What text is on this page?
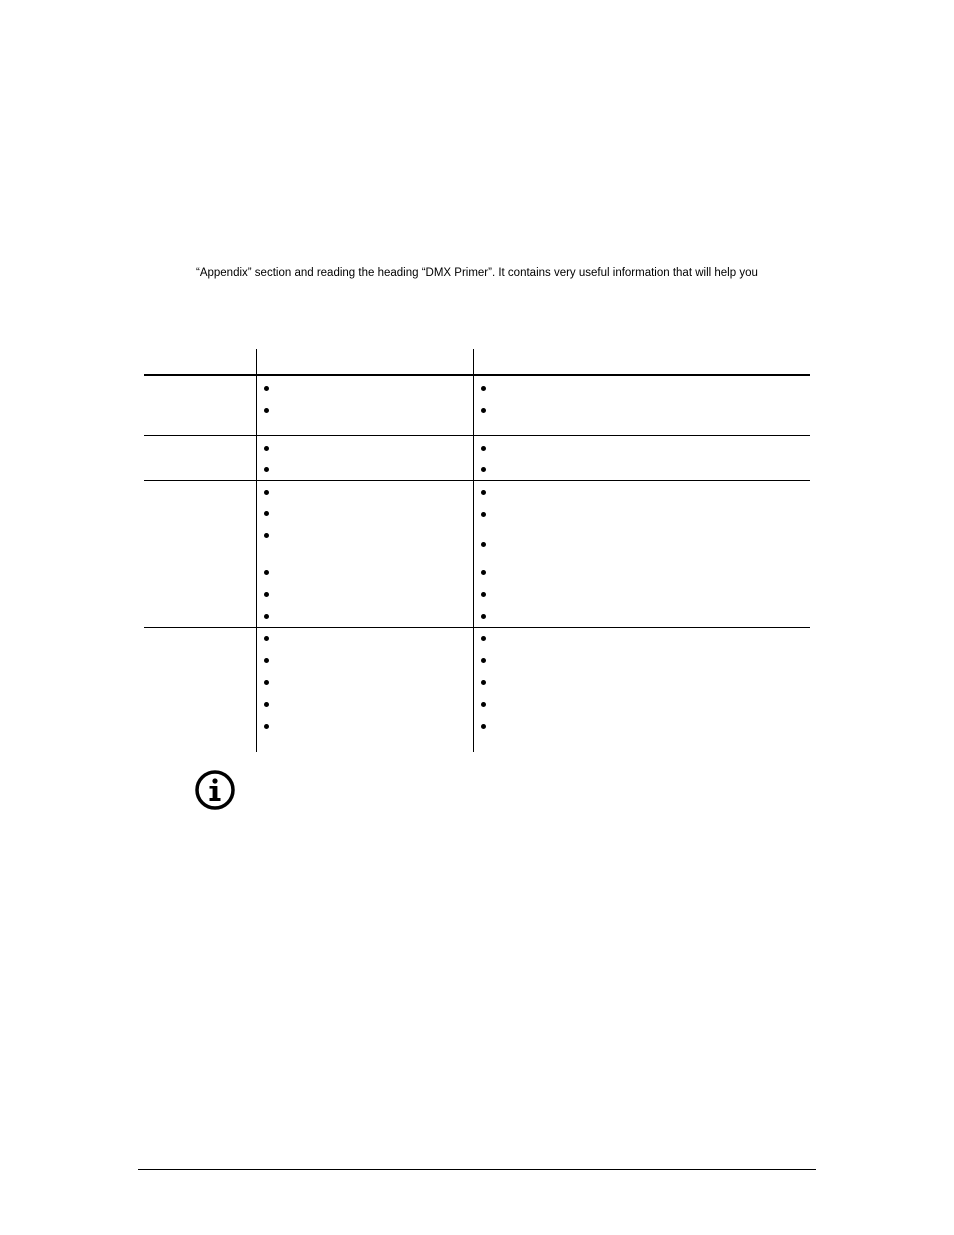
“Appendix” section and reading the heading “DMX Primer”. It contains very useful information that will help you
